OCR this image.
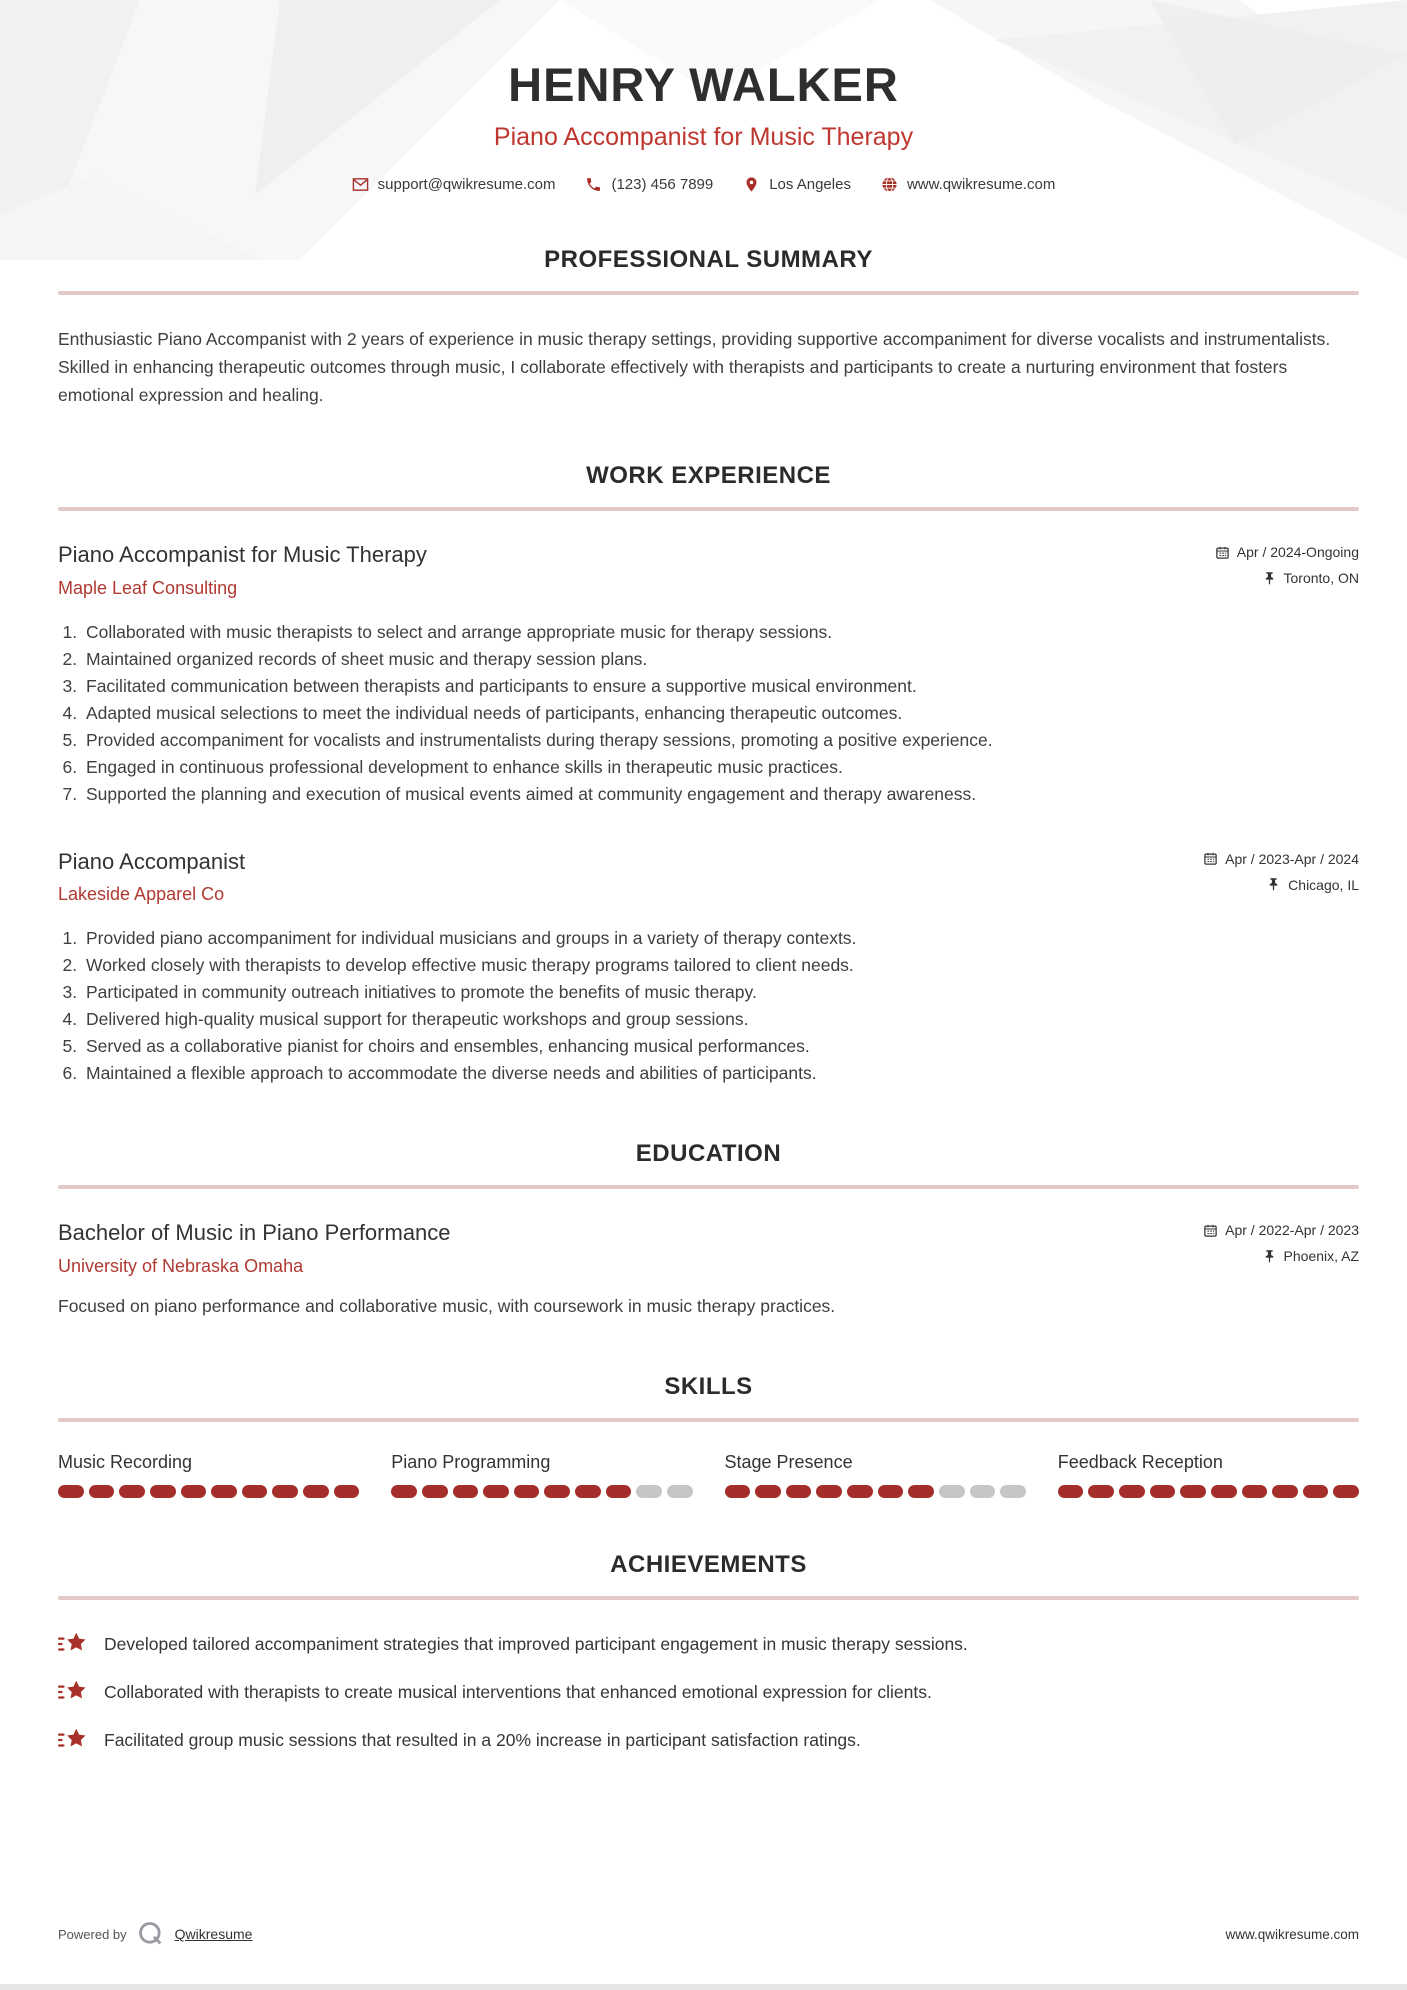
HENRY WALKER
Piano Accompanist for Music Therapy
support@qwikresume.com	(123) 456 7899	Los Angeles	www.qwikresume.com
PROFESSIONAL SUMMARY

Enthusiastic Piano Accompanist with 2 years of experience in music therapy settings, providing supportive accompaniment for diverse vocalists and instrumentalists. Skilled in enhancing therapeutic outcomes through music, I collaborate effectively with therapists and participants to create a nurturing environment that fosters emotional expression and healing.

WORK EXPERIENCE
Piano Accompanist for Music Therapy
Maple Leaf Consulting
Apr / 2024-Ongoing
Toronto, ON
1. Collaborated with music therapists to select and arrange appropriate music for therapy sessions.
2. Maintained organized records of sheet music and therapy session plans.
3. Facilitated communication between therapists and participants to ensure a supportive musical environment.
4. Adapted musical selections to meet the individual needs of participants, enhancing therapeutic outcomes.
5. Provided accompaniment for vocalists and instrumentalists during therapy sessions, promoting a positive experience.
6. Engaged in continuous professional development to enhance skills in therapeutic music practices.
7. Supported the planning and execution of musical events aimed at community engagement and therapy awareness.
Piano Accompanist
Lakeside Apparel Co
Apr / 2023-Apr / 2024
Chicago, IL
1. Provided piano accompaniment for individual musicians and groups in a variety of therapy contexts.
2. Worked closely with therapists to develop effective music therapy programs tailored to client needs.
3. Participated in community outreach initiatives to promote the benefits of music therapy.
4. Delivered high-quality musical support for therapeutic workshops and group sessions.
5. Served as a collaborative pianist for choirs and ensembles, enhancing musical performances.
6. Maintained a flexible approach to accommodate the diverse needs and abilities of participants.
EDUCATION
Bachelor of Music in Piano Performance
University of Nebraska Omaha
Apr / 2022-Apr / 2023
Phoenix, AZ

Focused on piano performance and collaborative music, with coursework in music therapy practices.

SKILLS
Music Recording	Piano Programming	Stage Presence	Feedback Reception
ACHIEVEMENTS
Developed tailored accompaniment strategies that improved participant engagement in music therapy sessions.
Collaborated with therapists to create musical interventions that enhanced emotional expression for clients.
Facilitated group music sessions that resulted in a 20% increase in participant satisfaction ratings.
Powered by	Qwikresume	www.qwikresume.com
